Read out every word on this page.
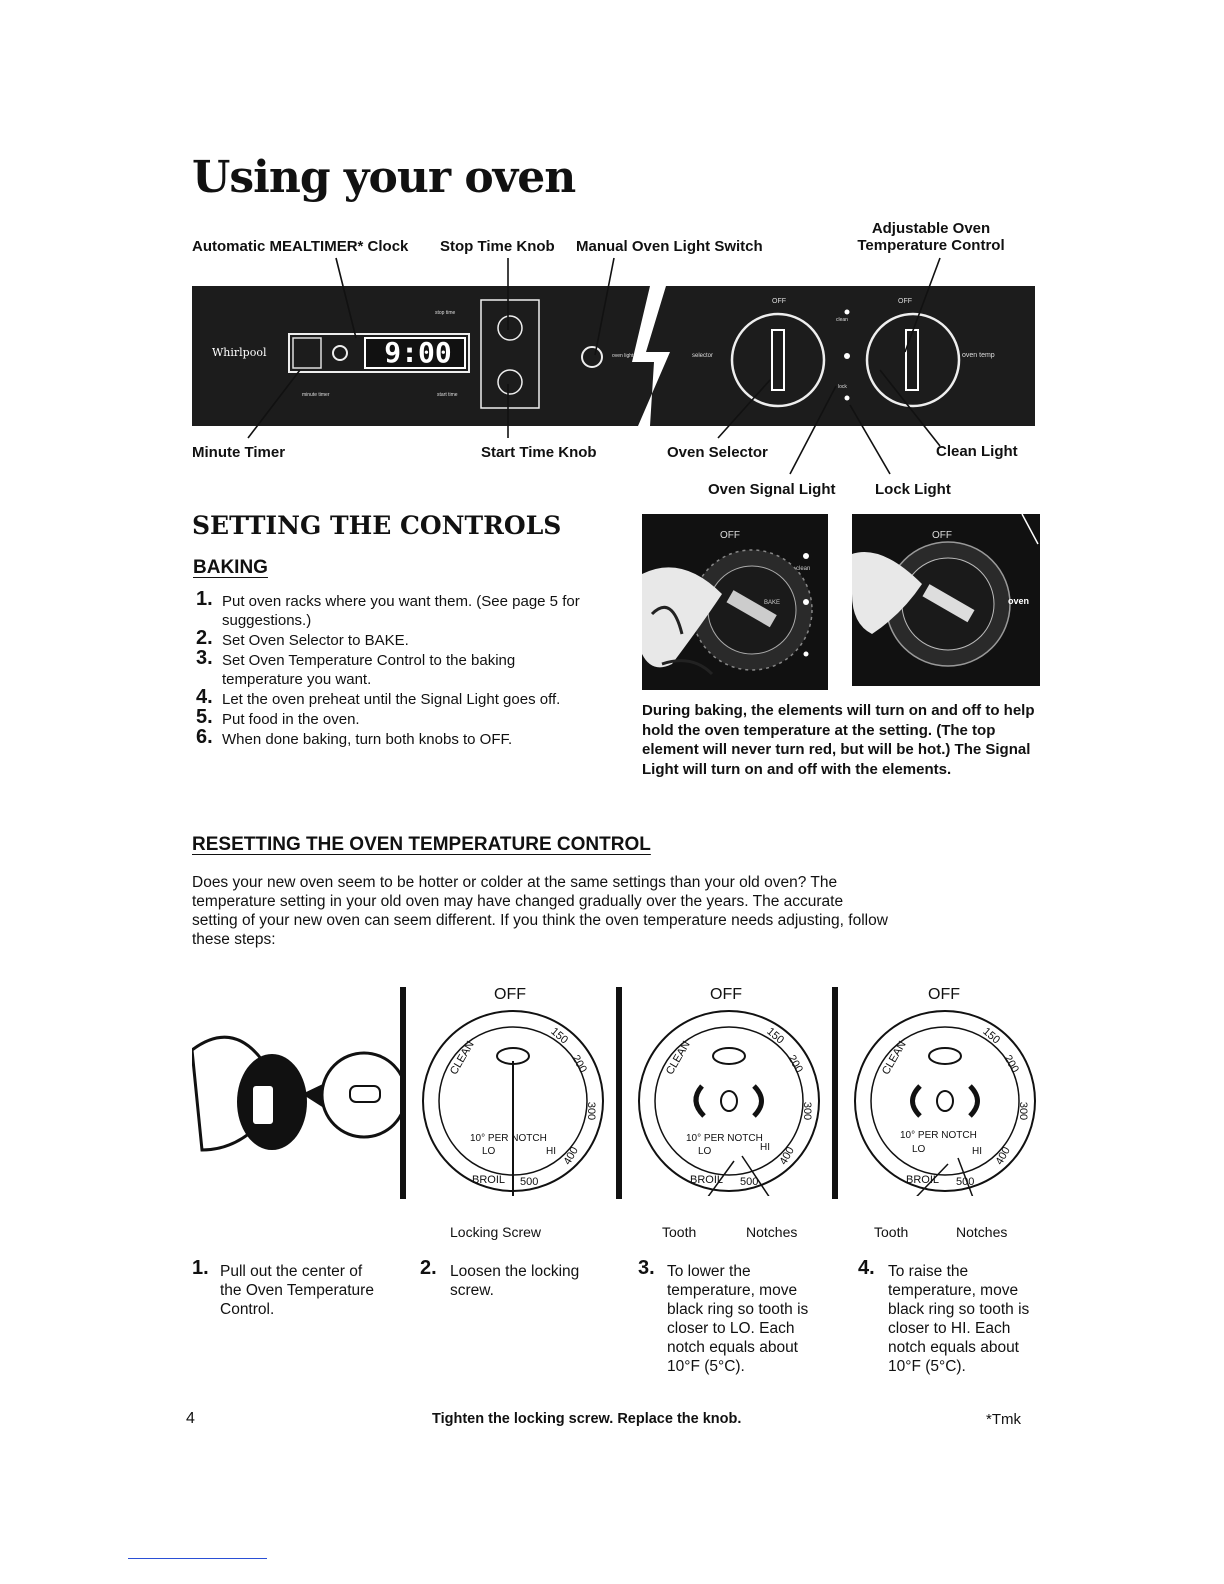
Using your oven
Automatic MEALTIMER* Clock Stop Time Knob Manual Oven Light Switch
Adjustable Oven
Temperature Control
Whirlpool	9:00
stop time
start time
minute timer
oven light	selector	oven temp
OFF	OFF
clean
lock
Minute Timer	Start Time Knob	Oven Selector	Clean Light
Oven Signal Light	Lock Light
SETTING THE CONTROLS
BAKING
1. Put oven racks where you want them. (See page 5 for suggestions.)
2. Set Oven Selector to BAKE.
3. Set Oven Temperature Control to the baking temperature you want.
4. Let the oven preheat until the Signal Light goes off.
5. Put food in the oven.
6. When done baking, turn both knobs to OFF.
OFF
clean
BAKE
OFF
oven
During baking, the elements will turn on and off to help hold the oven temperature at the setting. (The top element will never turn red, but will be hot.) The Signal Light will turn on and off with the elements.
RESETTING THE OVEN TEMPERATURE CONTROL
Does your new oven seem to be hotter or colder at the same settings than your old oven? The temperature setting in your old oven may have changed gradually over the years. The accurate setting of your new oven can seem different. If you think the oven temperature needs adjusting, follow these steps:
OFF
CLEAN
150
200
300
400
500
BROIL
10° PER NOTCH
LO	HI
Locking Screw
OFF
CLEAN
150
200
300
400
500
BROIL
10° PER NOTCH
LO	HI
Tooth	Notches
OFF
CLEAN
150
200
300
400
500
BROIL
10° PER NOTCH
LO	HI
Tooth	Notches
1. Pull out the center of the Oven Temperature Control.
2. Loosen the locking screw.
3. To lower the temperature, move black ring so tooth is closer to LO. Each notch equals about 10°F (5°C).
4. To raise the temperature, move black ring so tooth is closer to HI. Each notch equals about 10°F (5°C).
4	Tighten the locking screw. Replace the knob.	*Tmk
